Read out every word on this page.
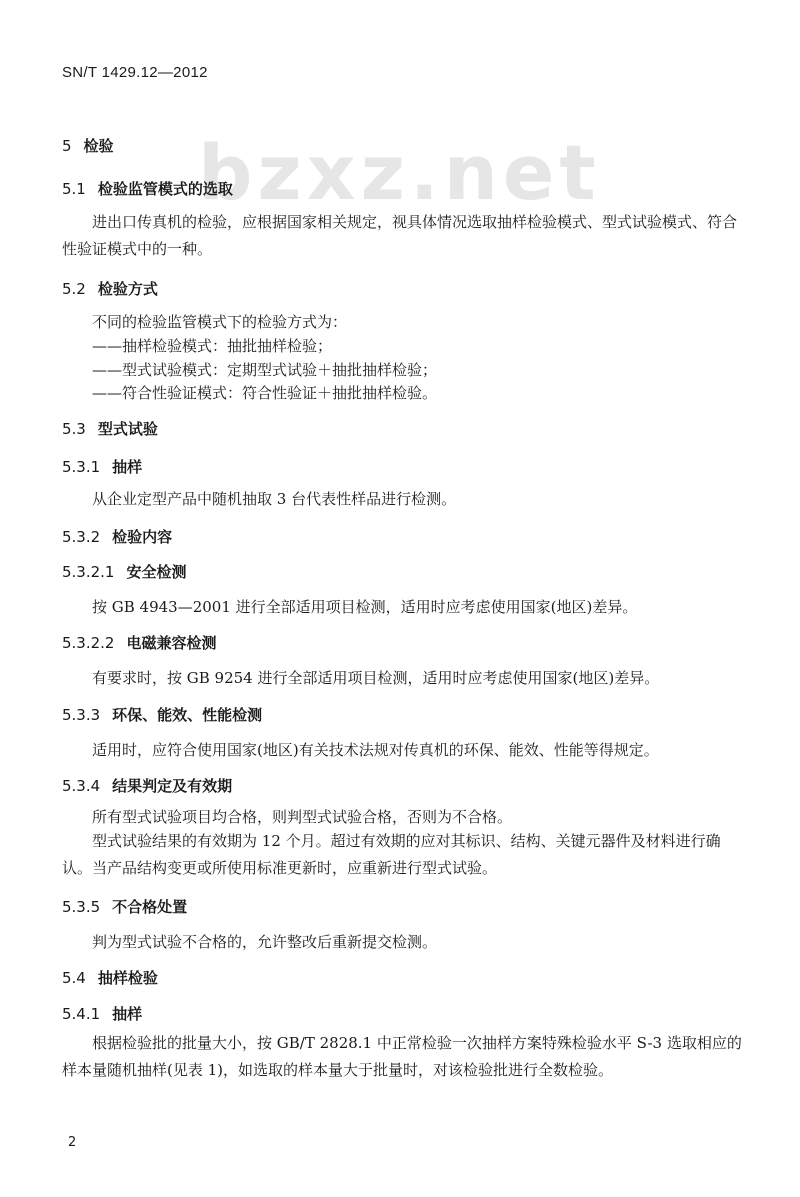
SN/T 1429.12—2012
bzxz.net
5 检验
5.1 检验监管模式的选取
进出口传真机的检验，应根据国家相关规定，视具体情况选取抽样检验模式、型式试验模式、符合性验证模式中的一种。
5.2 检验方式
不同的检验监管模式下的检验方式为：
——抽样检验模式：抽批抽样检验；
——型式试验模式：定期型式试验＋抽批抽样检验；
——符合性验证模式：符合性验证＋抽批抽样检验。
5.3 型式试验
5.3.1 抽样
从企业定型产品中随机抽取 3 台代表性样品进行检测。
5.3.2 检验内容
5.3.2.1 安全检测
按 GB 4943—2001 进行全部适用项目检测，适用时应考虑使用国家(地区)差异。
5.3.2.2 电磁兼容检测
有要求时，按 GB 9254 进行全部适用项目检测，适用时应考虑使用国家(地区)差异。
5.3.3 环保、能效、性能检测
适用时，应符合使用国家(地区)有关技术法规对传真机的环保、能效、性能等得规定。
5.3.4 结果判定及有效期
所有型式试验项目均合格，则判型式试验合格，否则为不合格。
型式试验结果的有效期为 12 个月。超过有效期的应对其标识、结构、关键元器件及材料进行确认。当产品结构变更或所使用标准更新时，应重新进行型式试验。
5.3.5 不合格处置
判为型式试验不合格的，允许整改后重新提交检测。
5.4 抽样检验
5.4.1 抽样
根据检验批的批量大小，按 GB/T 2828.1 中正常检验一次抽样方案特殊检验水平 S-3 选取相应的样本量随机抽样(见表 1)，如选取的样本量大于批量时，对该检验批进行全数检验。
2
